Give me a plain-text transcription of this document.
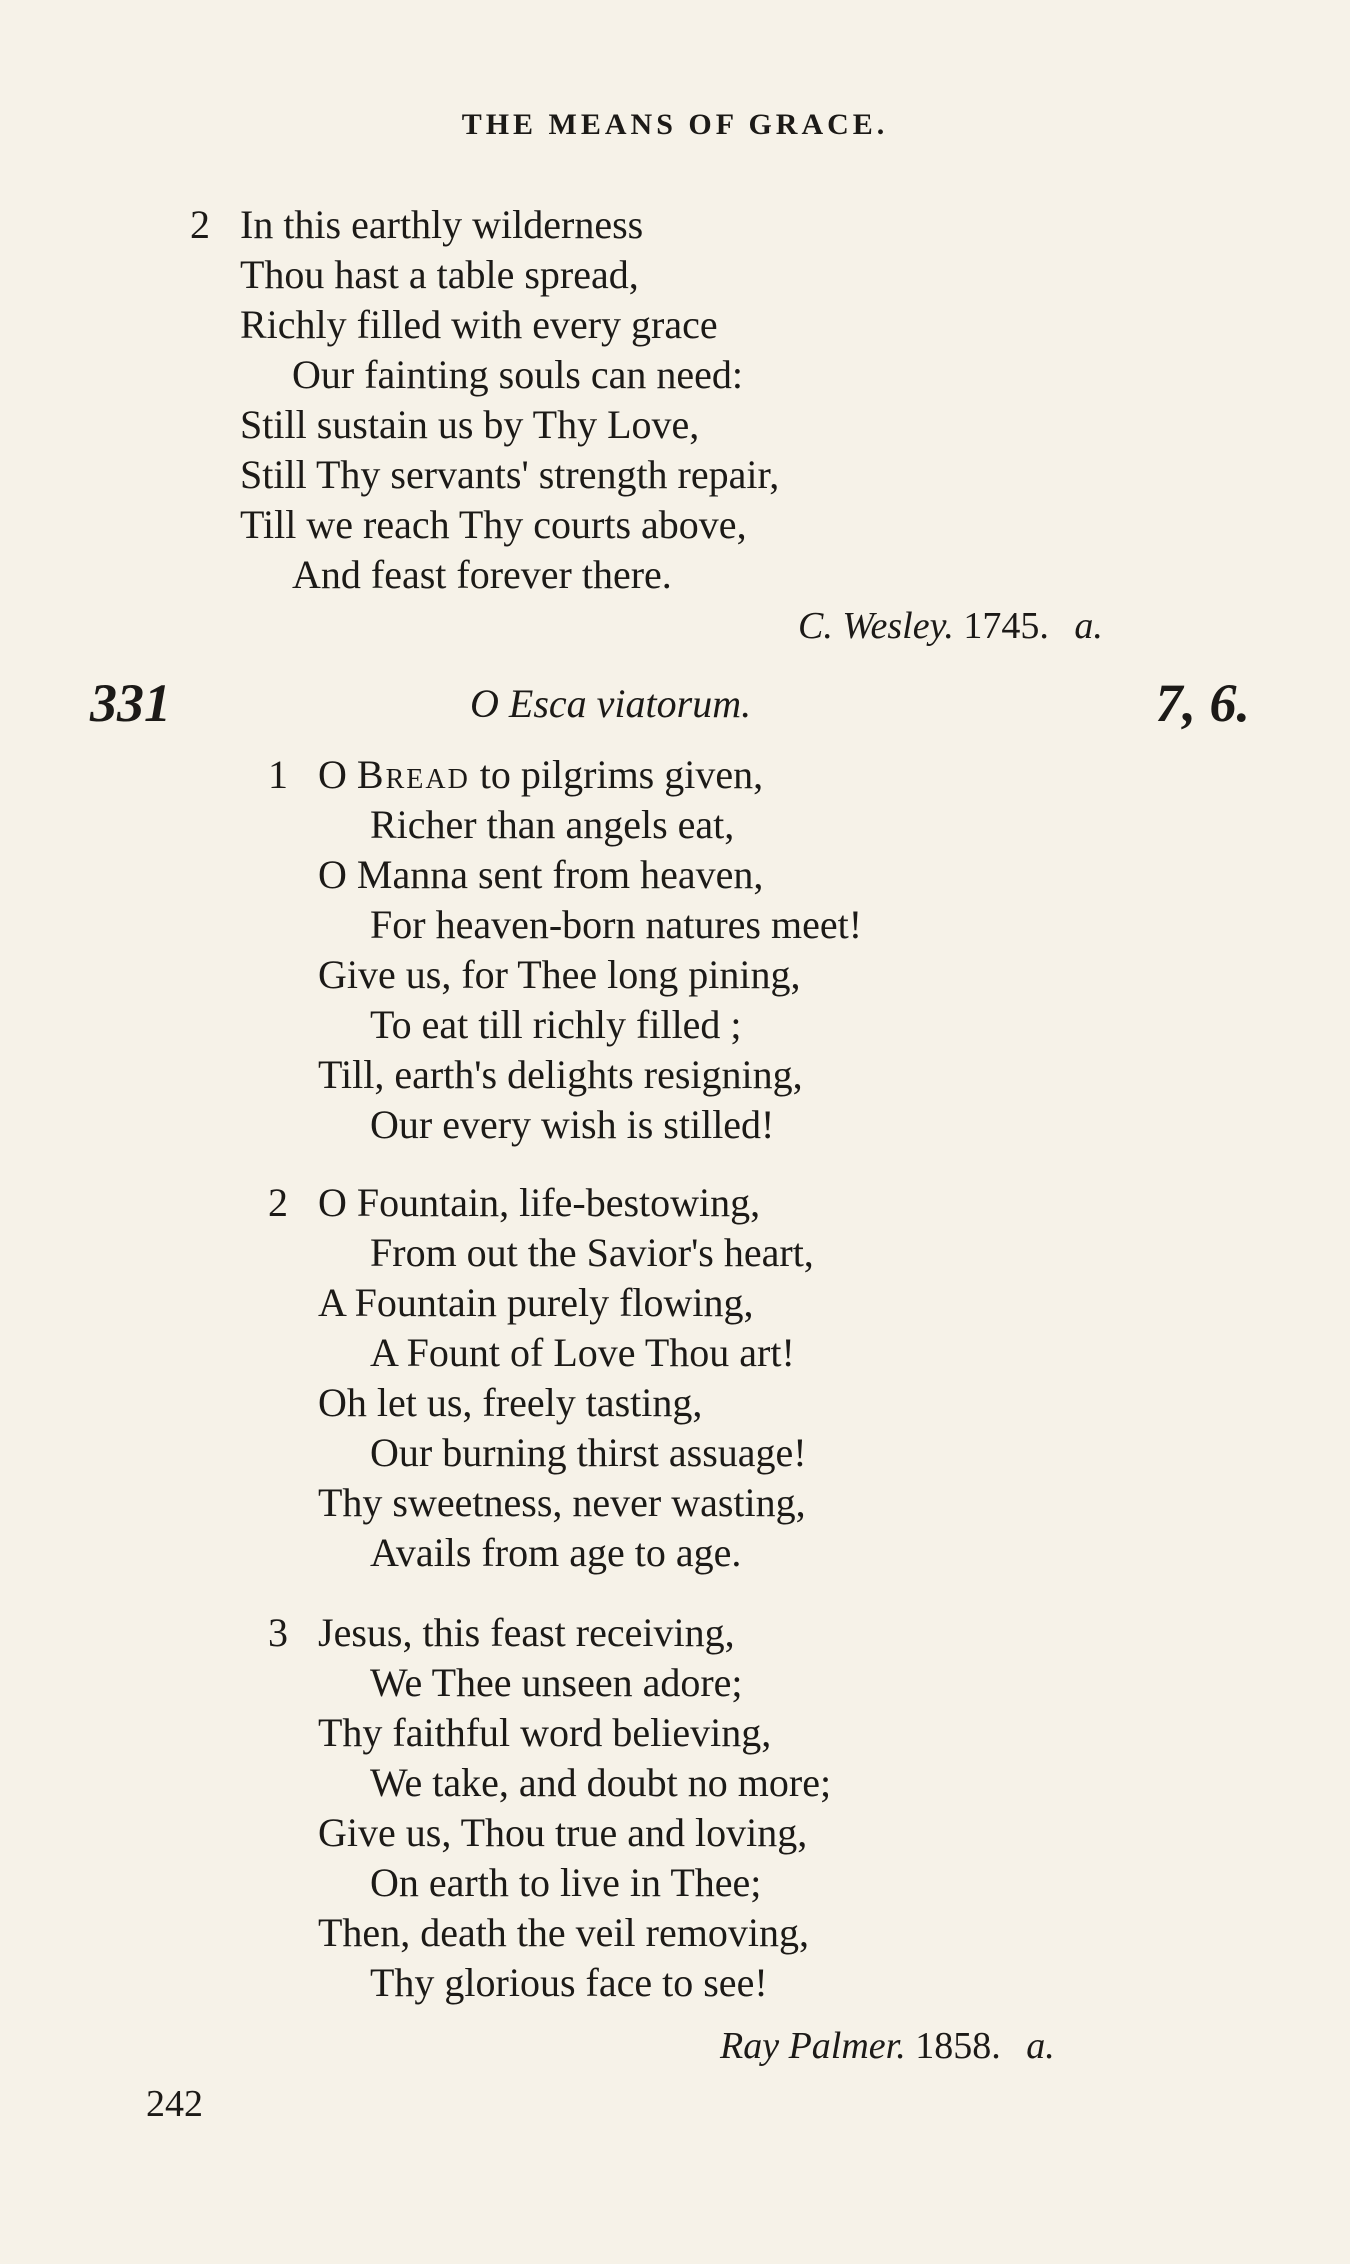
THE MEANS OF GRACE.
2 In this earthly wilderness
Thou hast a table spread,
Richly filled with every grace
Our fainting souls can need:
Still sustain us by Thy Love,
Still Thy servants' strength repair,
Till we reach Thy courts above,
And feast forever there.
C. Wesley. 1745. a.
331	O Esca viatorum.	7, 6.
1 O Bread to pilgrims given,
Richer than angels eat,
O Manna sent from heaven,
For heaven-born natures meet!
Give us, for Thee long pining,
To eat till richly filled ;
Till, earth's delights resigning,
Our every wish is stilled!
2 O Fountain, life-bestowing,
From out the Savior's heart,
A Fountain purely flowing,
A Fount of Love Thou art!
Oh let us, freely tasting,
Our burning thirst assuage!
Thy sweetness, never wasting,
Avails from age to age.
3 Jesus, this feast receiving,
We Thee unseen adore;
Thy faithful word believing,
We take, and doubt no more;
Give us, Thou true and loving,
On earth to live in Thee;
Then, death the veil removing,
Thy glorious face to see!
Ray Palmer. 1858. a.
242
